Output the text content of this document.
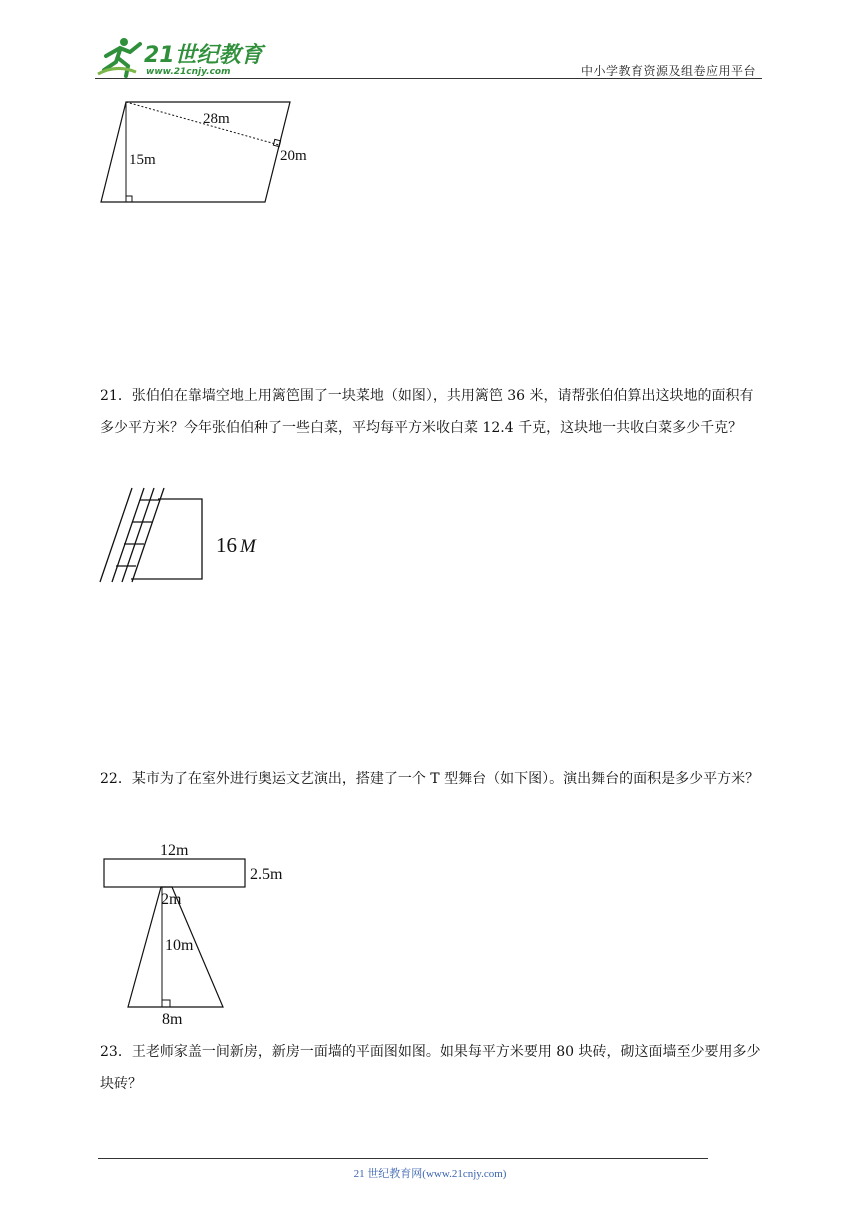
21世纪教育
www.21cnjy.com	中小学教育资源及组卷应用平台
28m
15m	20m
21．张伯伯在靠墙空地上用篱笆围了一块菜地（如图），共用篱笆 36 米，请帮张伯伯算出这块地的面积有多少平方米？今年张伯伯种了一些白菜，平均每平方米收白菜 12.4 千克，这块地一共收白菜多少千克？
16 M
22．某市为了在室外进行奥运文艺演出，搭建了一个 T 型舞台（如下图）。演出舞台的面积是多少平方米？
12m
2.5m
2m
10m
8m
23．王老师家盖一间新房，新房一面墙的平面图如图。如果每平方米要用 80 块砖，砌这面墙至少要用多少块砖？
21 世纪教育网(www.21cnjy.com)
